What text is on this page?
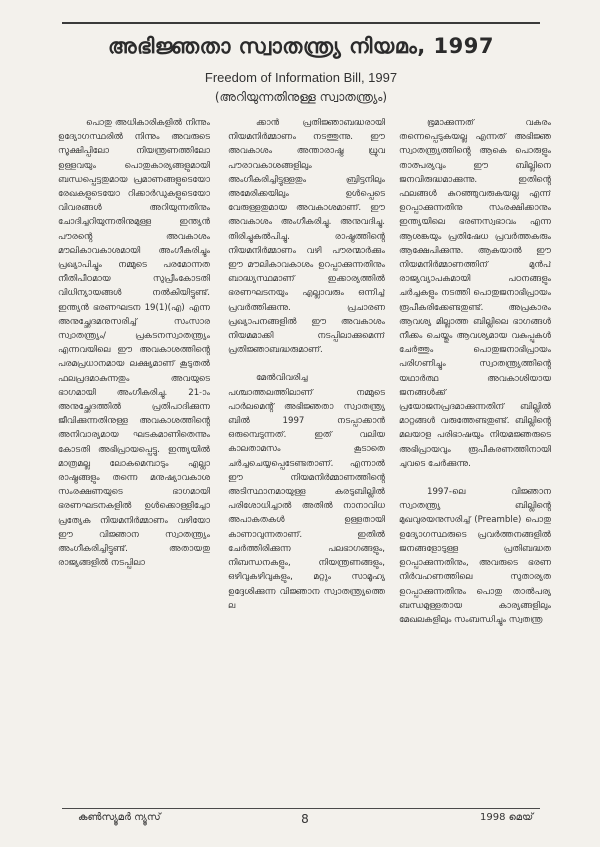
അഭിജ്ഞതാ സ്വാതന്ത്ര്യ നിയമം, 1997
Freedom of Information Bill, 1997
(അറിയുന്നതിനുള്ള സ്വാതന്ത്ര്യം)

പൊതു അധികാരികളിൽ നിന്നും ഉദ്യോഗസ്ഥരിൽ നിന്നും അവരുടെ സൂക്ഷിപ്പിലോ നിയന്ത്രണത്തിലോ ഉള്ളവയും പൊതുകാര്യങ്ങളുമായി ബന്ധപ്പെട്ടതുമായ പ്രമാണങ്ങളുടെയോ രേഖകളുടെയോ റിക്കാർഡുകളുടെയോ വിവരങ്ങൾ അറിയുന്നതിനും ചോദിച്ചറിയുന്നതിനുമുള്ള ഇന്ത്യൻ പൗരൻ്റെ അവകാശം മൗലികാവകാശമായി അംഗീകരിച്ചും പ്രഖ്യാപിച്ചും നമ്മുടെ പരമോന്നത നീതിപീഠമായ സുപ്രീംകോടതി വിധിന്യായങ്ങൾ നൽകിയിട്ടുണ്ട്. ഇന്ത്യൻ ഭരണഘടന 19(1)(എ) എന്ന അനുച്ഛേദമനുസരിച്ച് സംസാര സ്വാതന്ത്ര്യം/ പ്രകടനസ്വാതന്ത്ര്യം എന്നവയിലെ ഈ അവകാശത്തിൻ്റെ പരമപ്രധാനമായ ലക്ഷ്യമാണ് കൂടുതൽ ഫലപ്രദമാകുന്നതും അവയുടെ ഭാഗമായി അംഗീകരിച്ചു. 21-ാം അനുച്ഛേദത്തിൽ പ്രതിപാദിക്കുന്ന ജീവിക്കുന്നതിനുള്ള അവകാശത്തിൻ്റെ അനിവാര്യമായ ഘടകമാണിതെന്നും കോടതി അഭിപ്രായപ്പെട്ടു. ഇന്ത്യയിൽ മാത്രമല്ല ലോകമെമ്പാടും എല്ലാ രാഷ്ട്രങ്ങളും തന്നെ മനുഷ്യാവകാശ സംരക്ഷണയുടെ ഭാഗമായി ഭരണഘടനകളിൽ ഉൾക്കൊള്ളിച്ചോ പ്രത്യേക നിയമനിർമ്മാണം വഴിയോ ഈ വിജ്ഞാന സ്വാതന്ത്ര്യം അംഗീകരിച്ചിട്ടുണ്ട്. അതായതു രാജ്യങ്ങളിൽ നടപ്പിലാ

ക്കാൻ പ്രതിജ്ഞാബദ്ധരായി നിയമനിർമ്മാണം നടത്തുന്നു. ഈ അവകാശം അന്താരാഷ്ട്ര ധ്രുവ പൗരാവകാശങ്ങളിലും അംഗീകരിച്ചിട്ടുള്ളതും ബ്രിട്ടനിലും അമേരിക്കയിലും ഉൾപ്പെടെ വേരുള്ളതുമായ അവകാശമാണ്. ഈ അവകാശം അംഗീകരിച്ചു. അനുവദിച്ചു. തിരിച്ചുകൽപിച്ചു. രാഷ്ട്രത്തിൻ്റെ നിയമനിർമ്മാണം വഴി പൗരന്മാർക്കും ഈ മൗലികാവകാശം ഉറപ്പാക്കുന്നതിനും ബാദ്ധ്യസ്ഥമാണ് ഇക്കാര്യത്തിൽ ഭരണഘടനയും എല്ലാവരും ഒന്നിച്ച് പ്രവർത്തിക്കുന്നു. പ്രചാരണ പ്രഖ്യാപനങ്ങളിൽ ഈ അവകാശം നിയമമാക്കി നടപ്പിലാക്കുമെന്ന് പ്രതിജ്ഞാബദ്ധരുമാണ്.

മേൽവിവരിച്ച പശ്ചാത്തലത്തിലാണ് നമ്മുടെ പാർലമെൻ്റ് അഭിജ്ഞതാ സ്വാതന്ത്ര്യ ബിൽ 1997 നടപ്പാക്കാൻ ഒരുമ്പെടുന്നത്. ഇത് വലിയ കാലതാമസം കൂടാതെ ചർച്ചചെയ്യപ്പെടേണ്ടതാണ്. എന്നാൽ ഈ നിയമനിർമ്മാണത്തിൻ്റെ അടിസ്ഥാനമായുള്ള കരടുബില്ലിൽ പരിശോധിച്ചാൽ അതിൽ നാനാവിധ അപാകതകൾ ഉള്ളതായി കാണാവുന്നതാണ്. ഇതിൽ ചേർത്തിരിക്കുന്ന പലഭാഗങ്ങളും, നിബന്ധനകളും, നിയന്ത്രണങ്ങളും, ഒഴിവുകഴിവുകളും, മറ്റും സാമൂഹ്യ ഉദ്ദേശിക്കുന്ന വിജ്ഞാന സ്വാതന്ത്ര്യത്തെ ല

ഭൂമാക്കുന്നത് വകരം തന്നെപ്പെടുകയല്ല എന്നത് അഭിജ്ഞ സ്വാതന്ത്ര്യത്തിൻ്റെ ആകെ പൊരുളും താത്പര്യവും ഈ ബില്ലിനെ ജനവിരുദ്ധമാക്കുന്നു. ഇതിൻ്റെ ഫലങ്ങൾ കുറഞ്ഞുവരുകയല്ല എന്ന് ഉറപ്പാക്കുന്നതിനു സംരക്ഷിക്കാനും ഇന്ത്യയിലെ ഭരണസ്വഭാവം എന്ന ആശങ്കയും പ്രതിഷേധ പ്രവർത്തകരും ആക്ഷേപിക്കുന്നു. ആകയാൽ ഈ നിയമനിർമ്മാണത്തിന് മുൻപ് രാജ്യവ്യാപകമായി പഠനങ്ങളും ചർച്ചകളും നടത്തി പൊതുജനാഭിപ്രായം രൂപീകരിക്കേണ്ടതുണ്ട്. അപ്രകാരം ആവശ്യ മില്ലാത്ത ബില്ലിലെ ഭാഗങ്ങൾ നീക്കം ചെയ്തും ആവശ്യമായ വകുപ്പുകൾ ചേർത്തും പൊതുജനാഭിപ്രായം പരിഗണിച്ചും സ്വാതന്ത്ര്യത്തിൻ്റെ യഥാർത്ഥ അവകാശിയായ ജനങ്ങൾക്ക് പ്രയോജനപ്രദമാക്കുന്നതിന് ബില്ലിൽ മാറ്റങ്ങൾ വരുത്തേണ്ടതുണ്ട്. ബില്ലിൻ്റെ മലയാള പരിഭാഷയും നിയമജ്ഞരുടെ അഭിപ്രായവും രൂപീകരണത്തിനായി ചുവടെ ചേർക്കുന്നു.

1997-ലെ വിജ്ഞാന സ്വാതന്ത്ര്യ ബില്ലിൻ്റെ മുഖവുരയനുസരിച്ച് (Preamble) പൊതു ഉദ്യോഗസ്ഥരുടെ പ്രവർത്തനങ്ങളിൽ ജനങ്ങളോടുള്ള പ്രതിബദ്ധത ഉറപ്പാക്കുന്നതിനും, അവരുടെ ഭരണ നിർവഹണത്തിലെ സുതാര്യത ഉറപ്പാക്കുന്നതിനും പൊതു താൽപര്യ ബന്ധമുള്ളതായ കാര്യങ്ങളിലും മേഖലകളിലും സംബന്ധിച്ചും സ്വതന്ത്ര

കൺസ്യൂമർ ന്യൂസ്	8	1998 മെയ്
